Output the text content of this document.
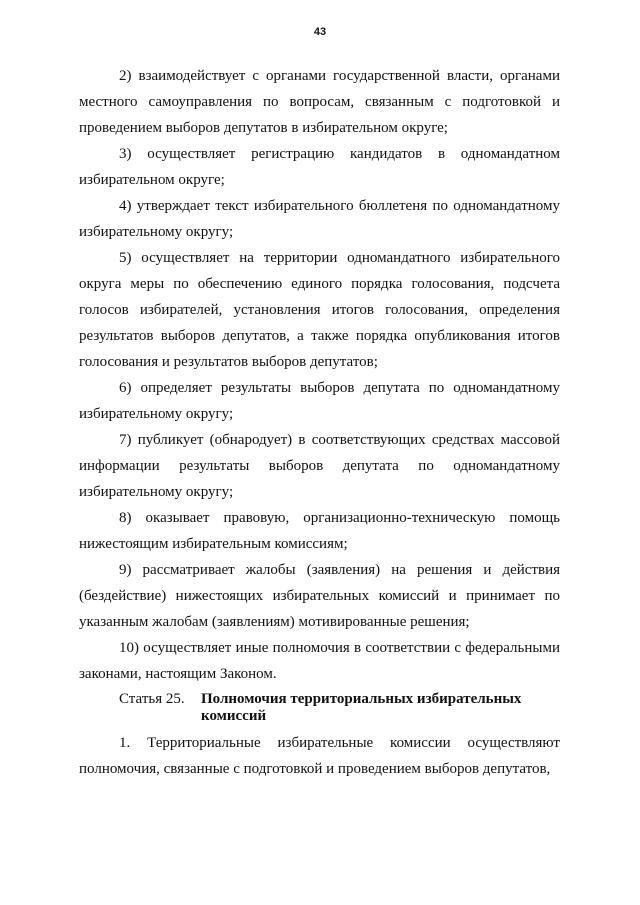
43

2) взаимодействует с органами государственной власти, органами местного самоуправления по вопросам, связанным с подготовкой и проведением выборов депутатов в избирательном округе;

3) осуществляет регистрацию кандидатов в одномандатном избирательном округе;

4) утверждает текст избирательного бюллетеня по одномандатному избирательному округу;

5) осуществляет на территории одномандатного избирательного округа меры по обеспечению единого порядка голосования, подсчета голосов избирателей, установления итогов голосования, определения результатов выборов депутатов, а также порядка опубликования итогов голосования и результатов выборов депутатов;

6) определяет результаты выборов депутата по одномандатному избирательному округу;

7) публикует (обнародует) в соответствующих средствах массовой информации результаты выборов депутата по одномандатному избирательному округу;

8) оказывает правовую, организационно-техническую помощь нижестоящим избирательным комиссиям;

9) рассматривает жалобы (заявления) на решения и действия (бездействие) нижестоящих избирательных комиссий и принимает по указанным жалобам (заявлениям) мотивированные решения;

10) осуществляет иные полномочия в соответствии с федеральными законами, настоящим Законом.

Статья 25.	Полномочия территориальных избирательных комиссий

1. Территориальные избирательные комиссии осуществляют полномочия, связанные с подготовкой и проведением выборов депутатов,
